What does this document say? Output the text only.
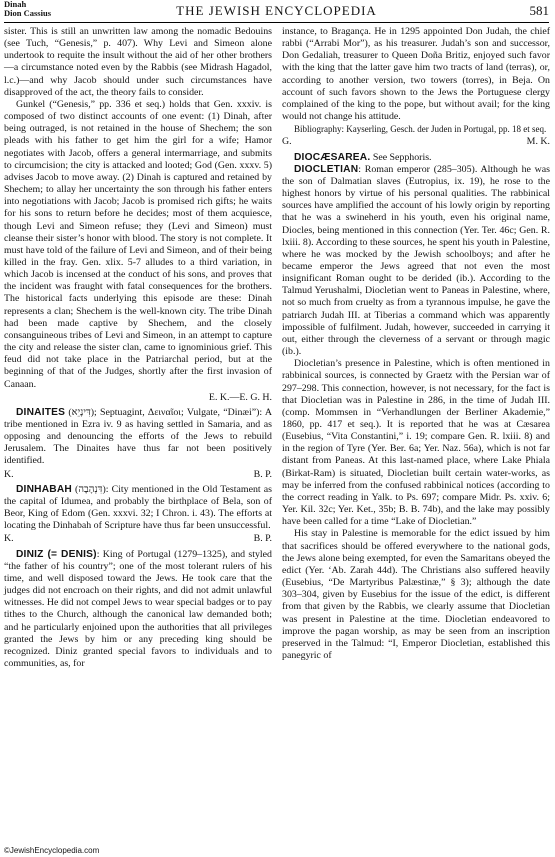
Dinah
Dion Cassius	THE JEWISH ENCYCLOPEDIA	581

sister. This is still an unwritten law among the nomadic Bedouins (see Tuch, “Genesis,” p. 407). Why Levi and Simeon alone undertook to requite the insult without the aid of her other brothers—a circumstance noted even by the Rabbis (see Midrash Hagadol, l.c.)—and why Jacob should under such circumstances have disapproved of the act, the theory fails to consider.

Gunkel (“Genesis,” pp. 336 et seq.) holds that Gen. xxxiv. is composed of two distinct accounts of one event: (1) Dinah, after being outraged, is not retained in the house of Shechem; the son pleads with his father to get him the girl for a wife; Hamor negotiates with Jacob, offers a general intermarriage, and submits to circumcision; the city is attacked and looted; God (Gen. xxxv. 5) advises Jacob to move away. (2) Dinah is captured and retained by Shechem; to allay her uncertainty the son through his father enters into negotiations with Jacob; Jacob is promised rich gifts; he waits for his sons to return before he decides; most of them acquiesce, though Levi and Simeon refuse; they (Levi and Simeon) must cleanse their sister’s honor with blood. The story is not complete. It must have told of the failure of Levi and Simeon, and of their being killed in the fray. Gen. xlix. 5-7 alludes to a third variation, in which Jacob is incensed at the conduct of his sons, and proves that the incident was fraught with fatal consequences for the brothers. The historical facts underlying this episode are these: Dinah represents a clan; Shechem is the well-known city. The tribe Dinah had been made captive by Shechem, and the closely consanguineous tribes of Levi and Simeon, in an attempt to capture the city and release the sister clan, came to ignominious grief. This feud did not take place in the Patriarchal period, but at the beginning of that of the Judges, shortly after the first invasion of Canaan.

E. K.—E. G. H.

DINAITES (דִּינָיֵא); Septuagint, Δειναῖοι; Vulgate, “Dinæi”): A tribe mentioned in Ezra iv. 9 as having settled in Samaria, and as opposing and denouncing the efforts of the Jews to rebuild Jerusalem. The Dinaites have thus far not been positively identified.

K.	B. P.

DINHABAH (דִּנְהָבָה): City mentioned in the Old Testament as the capital of Idumea, and probably the birthplace of Bela, son of Beor, King of Edom (Gen. xxxvi. 32; I Chron. i. 43). The efforts at locating the Dinhabah of Scripture have thus far been unsuccessful.

K.	B. P.

DINIZ (= DENIS): King of Portugal (1279–1325), and styled “the father of his country”; one of the most tolerant rulers of his time, and well disposed toward the Jews. He took care that the judges did not encroach on their rights, and did not admit unlawful witnesses. He did not compel Jews to wear special badges or to pay tithes to the Church, although the canonical law demanded both; and he particularly enjoined upon the authorities that all privileges granted the Jews by him or any preceding king should be recognized. Diniz granted special favors to individuals and to communities, as, for

instance, to Bragança. He in 1295 appointed Don Judah, the chief rabbi (“Arrabi Mor”), as his treasurer. Judah’s son and successor, Don Gedaliah, treasurer to Queen Doña Britiz, enjoyed such favor with the king that the latter gave him two tracts of land (terras), or, according to another version, two towers (torres), in Beja. On account of such favors shown to the Jews the Portuguese clergy complained of the king to the pope, but without avail; for the king would not change his attitude.

Bibliography: Kayserling, Gesch. der Juden in Portugal, pp. 18 et seq.

G.	M. K.

DIOCÆSAREA. See Sepphoris.

DIOCLETIAN: Roman emperor (285–305). Although he was the son of Dalmatian slaves (Eutropius, ix. 19), he rose to the highest honors by virtue of his personal qualities. The rabbinical sources have amplified the account of his lowly origin by reporting that he was a swineherd in his youth, even his original name, Diocles, being mentioned in this connection (Yer. Ter. 46c; Gen. R. lxiii. 8). According to these sources, he spent his youth in Palestine, where he was mocked by the Jewish schoolboys; and after he became emperor the Jews agreed that not even the most insignificant Roman ought to be derided (ib.). According to the Talmud Yerushalmi, Diocletian went to Paneas in Palestine, where, not so much from cruelty as from a tyrannous impulse, he gave the patriarch Judah III. at Tiberias a command which was apparently impossible of fulfilment. Judah, however, succeeded in carrying it out, either through the cleverness of a servant or through magic (ib.).

Diocletian’s presence in Palestine, which is often mentioned in rabbinical sources, is connected by Graetz with the Persian war of 297–298. This connection, however, is not necessary, for the fact is that Diocletian was in Palestine in 286, in the time of Judah III. (comp. Mommsen in “Verhandlungen der Berliner Akademie,” 1860, pp. 417 et seq.). It is reported that he was at Cæsarea (Eusebius, “Vita Constantini,” i. 19; compare Gen. R. lxiii. 8) and in the region of Tyre (Yer. Ber. 6a; Yer. Naz. 56a), which is not far distant from Paneas. At this last-named place, where Lake Phiala (Birkat-Ram) is situated, Diocletian built certain water-works, as may be inferred from the confused rabbinical notices (according to the correct reading in Yalk. to Ps. 697; compare Midr. Ps. xxiv. 6; Yer. Kil. 32c; Yer. Ket., 35b; B. B. 74b), and the lake may possibly have been called for a time “Lake of Diocletian.”

His stay in Palestine is memorable for the edict issued by him that sacrifices should be offered everywhere to the national gods, the Jews alone being exempted, for even the Samaritans obeyed the edict (Yer. ‘Ab. Zarah 44d). The Christians also suffered heavily (Eusebius, “De Martyribus Palæstinæ,” § 3); although the date 303–304, given by Eusebius for the issue of the edict, is different from that given by the Rabbis, we clearly assume that Diocletian was present in Palestine at the time. Diocletian endeavored to improve the pagan worship, as may be seen from an inscription preserved in the Talmud: “I, Emperor Diocletian, established this panegyric of

©JewishEncyclopedia.com
